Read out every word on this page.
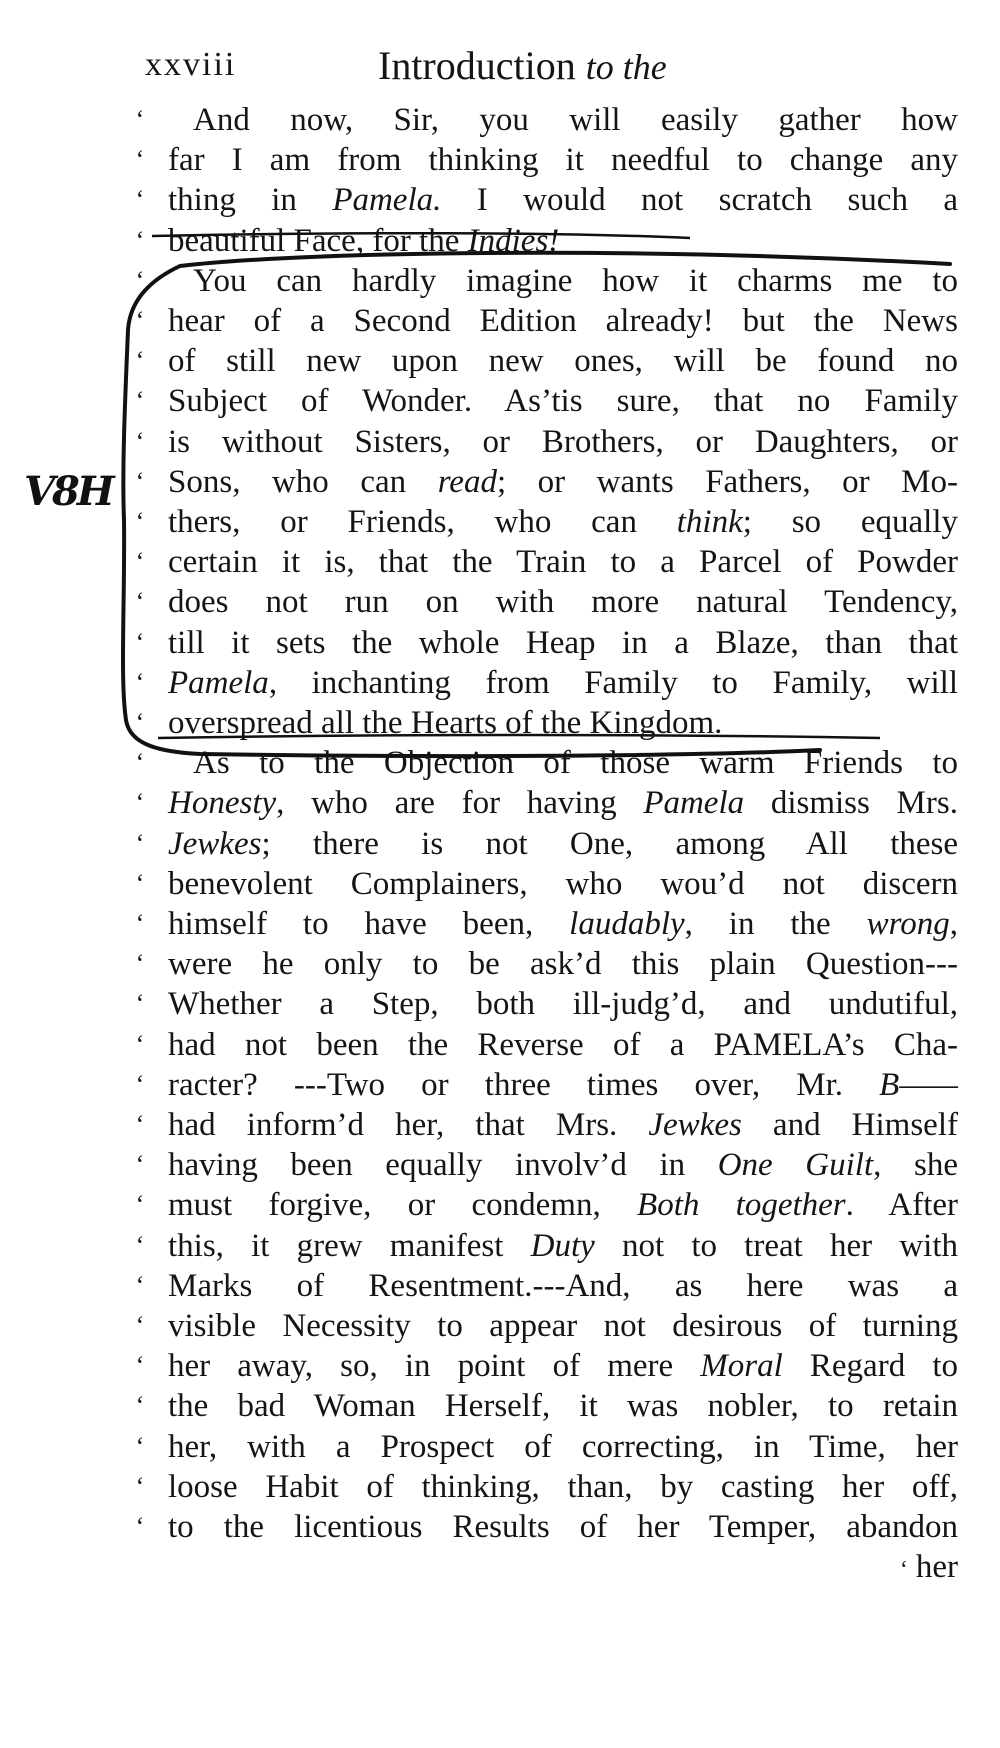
xxviii	Introduction to the
‘ And now, Sir, you will easily gather how
‘ far I am from thinking it needful to change any
‘ thing in Pamela. I would not scratch such a
‘ beautiful Face, for the Indies!
‘ You can hardly imagine how it charms me to
‘ hear of a Second Edition already! but the News
‘ of still new upon new ones, will be found no
‘ Subject of Wonder. As’tis sure, that no Family
‘ is without Sisters, or Brothers, or Daughters, or
‘ Sons, who can read; or wants Fathers, or Mo-
‘ thers, or Friends, who can think; so equally
‘ certain it is, that the Train to a Parcel of Powder
‘ does not run on with more natural Tendency,
‘ till it sets the whole Heap in a Blaze, than that
‘ Pamela, inchanting from Family to Family, will
‘ overspread all the Hearts of the Kingdom.
‘ As to the Objection of those warm Friends to
‘ Honesty, who are for having Pamela dismiss Mrs.
‘ Jewkes; there is not One, among All these
‘ benevolent Complainers, who wou’d not discern
‘ himself to have been, laudably, in the wrong,
‘ were he only to be ask’d this plain Question---
‘ Whether a Step, both ill-judg’d, and undutiful,
‘ had not been the Reverse of a PAMELA’s Cha-
‘ racter? ---Two or three times over, Mr. B——
‘ had inform’d her, that Mrs. Jewkes and Himself
‘ having been equally involv’d in One Guilt, she
‘ must forgive, or condemn, Both together. After
‘ this, it grew manifest Duty not to treat her with
‘ Marks of Resentment.---And, as here was a
‘ visible Necessity to appear not desirous of turning
‘ her away, so, in point of mere Moral Regard to
‘ the bad Woman Herself, it was nobler, to retain
‘ her, with a Prospect of correcting, in Time, her
‘ loose Habit of thinking, than, by casting her off,
‘ to the licentious Results of her Temper, abandon
‘ her
V8H
